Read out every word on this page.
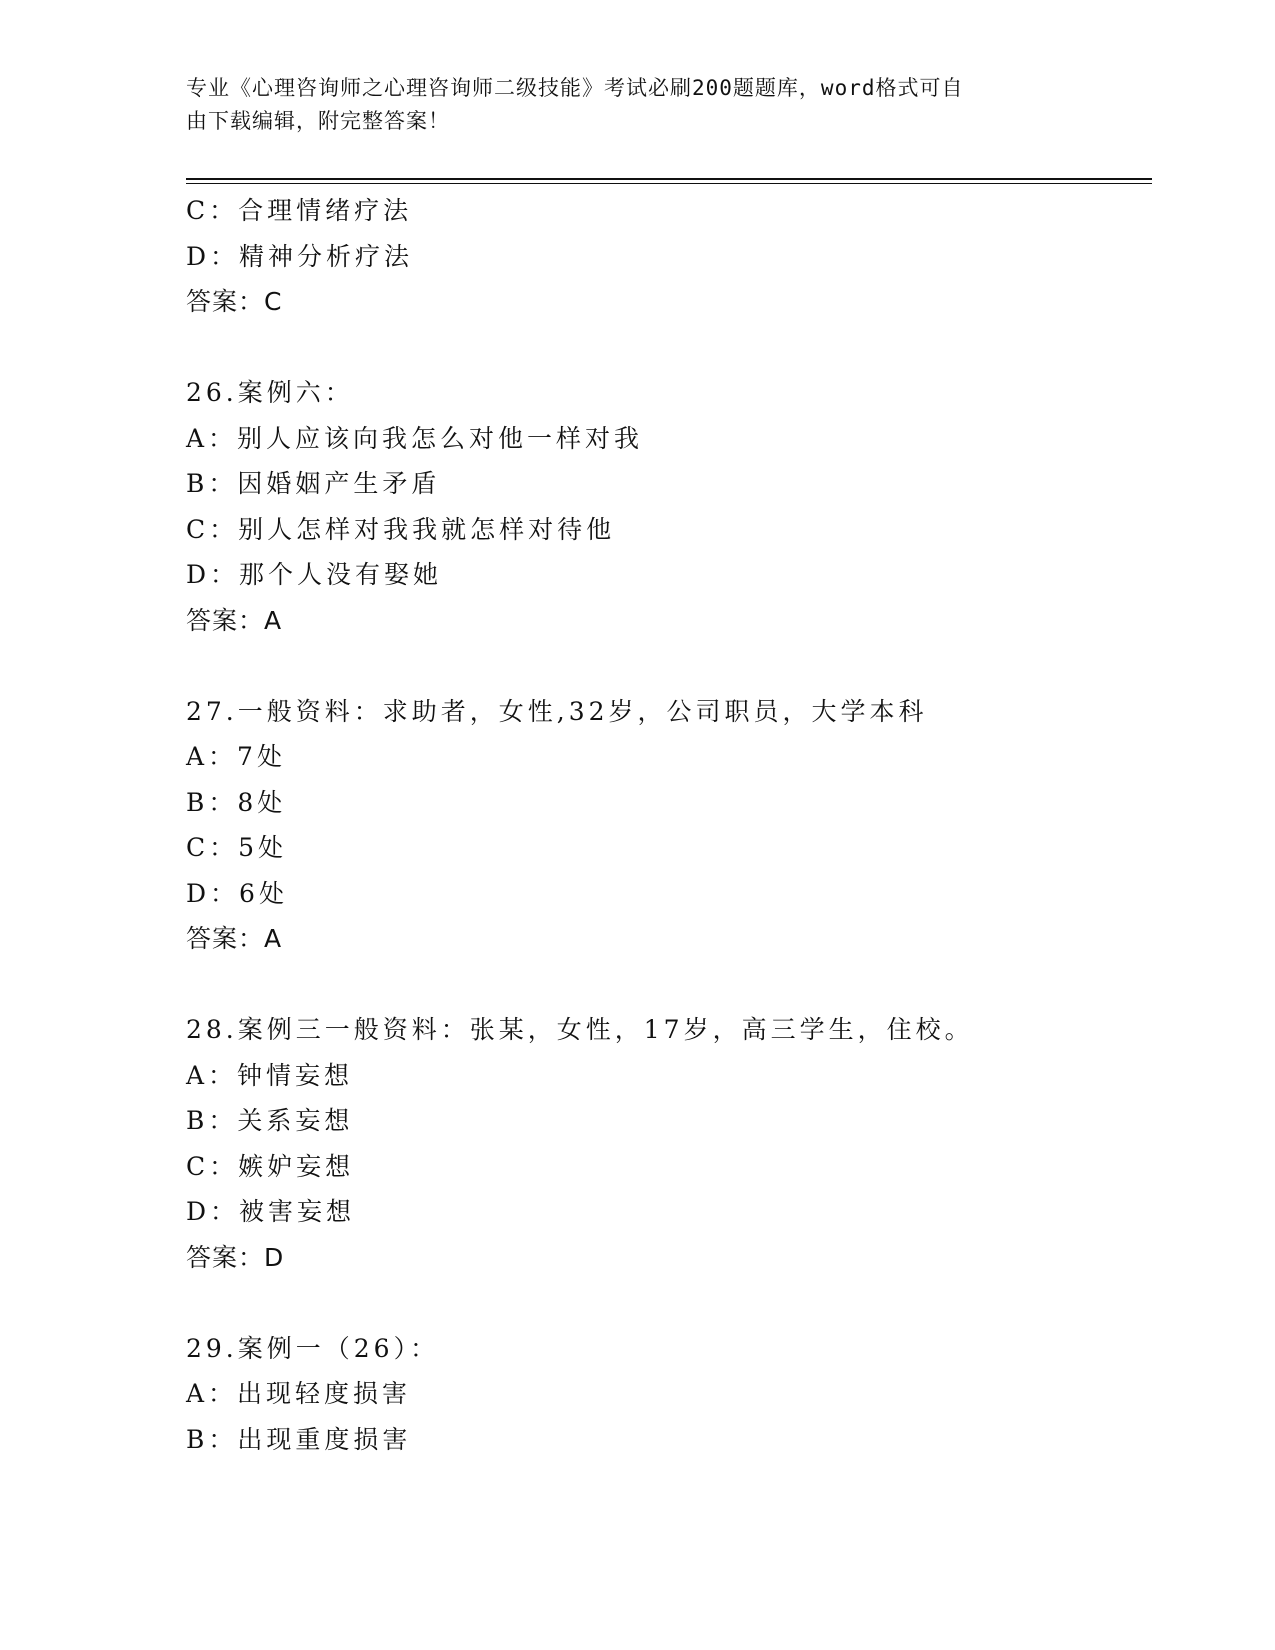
专业《心理咨询师之心理咨询师二级技能》考试必刷200题题库，word格式可自
由下载编辑，附完整答案！
C：合理情绪疗法
D：精神分析疗法
答案：C
26.案例六：
A：别人应该向我怎么对他一样对我
B：因婚姻产生矛盾
C：别人怎样对我我就怎样对待他
D：那个人没有娶她
答案：A
27.一般资料：求助者，女性,32岁，公司职员，大学本科
A：7处
B：8处
C：5处
D：6处
答案：A
28.案例三一般资料：张某，女性，17岁，高三学生，住校。
A：钟情妄想
B：关系妄想
C：嫉妒妄想
D：被害妄想
答案：D
29.案例一（26）：
A：出现轻度损害
B：出现重度损害
